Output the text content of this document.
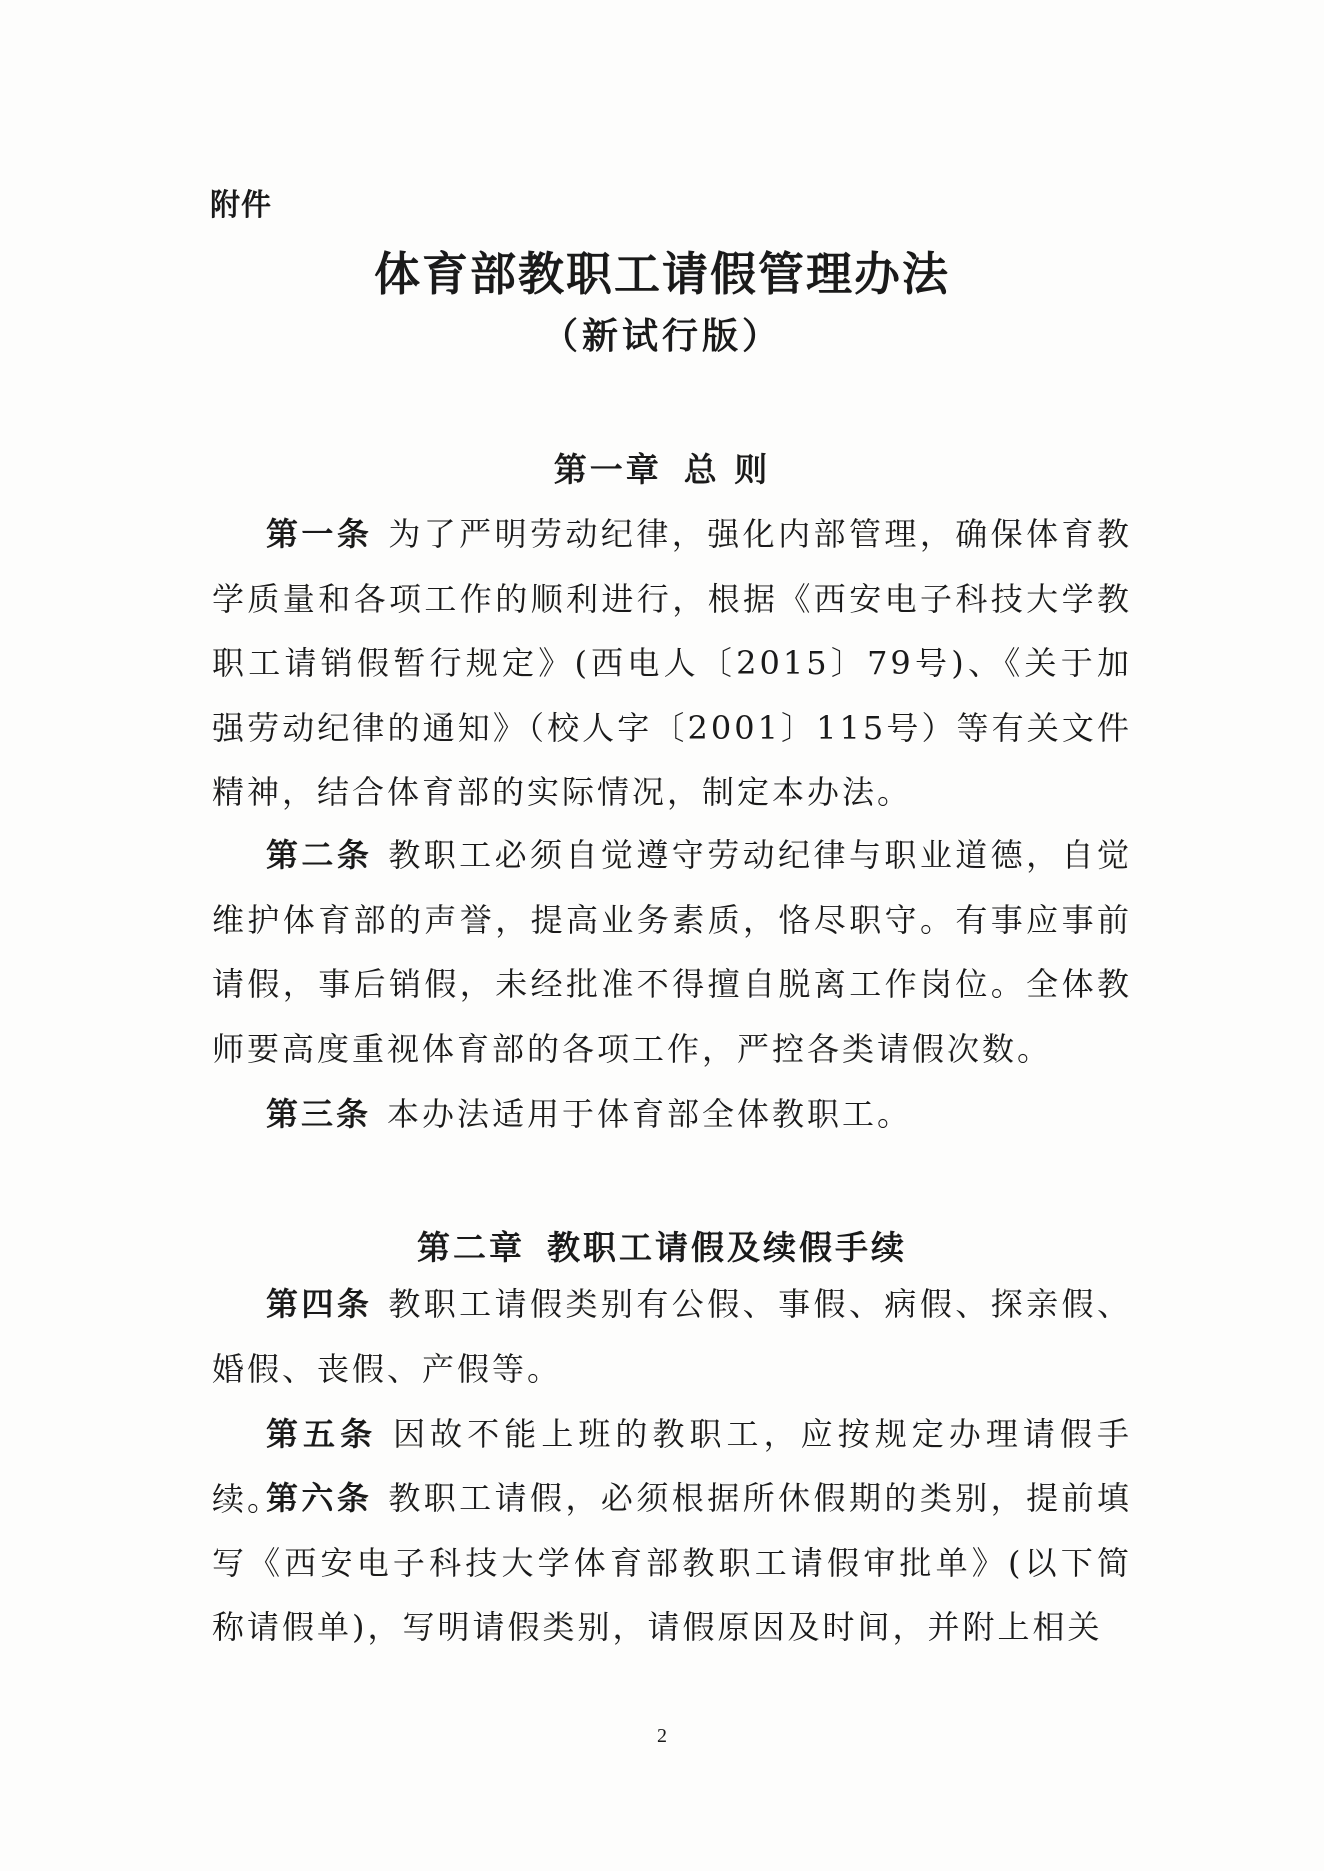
附件
体育部教职工请假管理办法
（新试行版）
第一章 总 则
第一条 为了严明劳动纪律，强化内部管理，确保体育教学质量和各项工作的顺利进行，根据《西安电子科技大学教职工请销假暂行规定》(西电人〔2015〕79号)、《关于加强劳动纪律的通知》（校人字〔2001〕115号）等有关文件精神，结合体育部的实际情况，制定本办法。
第二条 教职工必须自觉遵守劳动纪律与职业道德，自觉维护体育部的声誉，提高业务素质，恪尽职守。有事应事前请假，事后销假，未经批准不得擅自脱离工作岗位。全体教师要高度重视体育部的各项工作，严控各类请假次数。
第三条 本办法适用于体育部全体教职工。
第二章 教职工请假及续假手续
第四条 教职工请假类别有公假、事假、病假、探亲假、婚假、丧假、产假等。
第五条 因故不能上班的教职工，应按规定办理请假手续。
第六条 教职工请假，必须根据所休假期的类别，提前填写《西安电子科技大学体育部教职工请假审批单》(以下简称请假单)，写明请假类别，请假原因及时间，并附上相关
2
